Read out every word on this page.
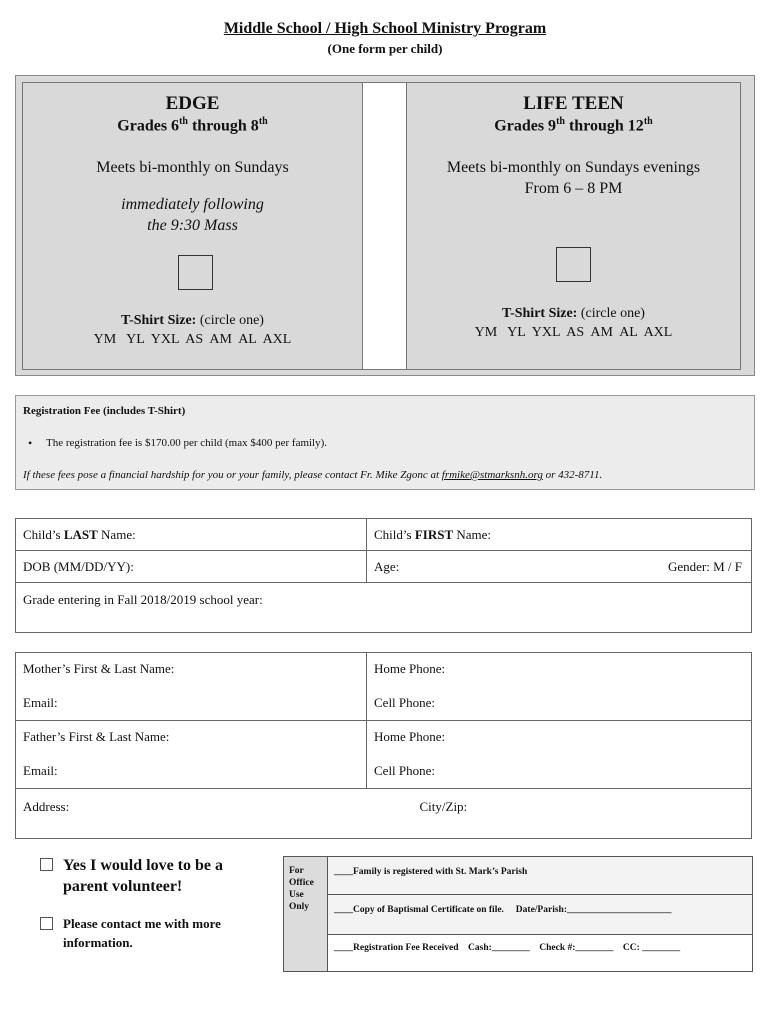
Middle School / High School Ministry Program
(One form per child)
EDGE
Grades 6th through 8th
Meets bi-monthly on Sundays
immediately following
the 9:30 Mass
T-Shirt Size: (circle one)
YM   YL  YXL  AS  AM  AL  AXL
LIFE TEEN
Grades 9th through 12th
Meets bi-monthly on Sundays evenings
From 6 – 8 PM
T-Shirt Size: (circle one)
YM   YL  YXL  AS  AM  AL  AXL
Registration Fee (includes T-Shirt)
• The registration fee is $170.00 per child (max $400 per family).
If these fees pose a financial hardship for you or your family, please contact Fr. Mike Zgonc at frmike@stmarksnh.org or 432-8711.
Child’s LAST Name:	Child’s FIRST Name:
DOB (MM/DD/YY):	Age: Gender: M / F

Grade entering in Fall 2018/2019 school year:	
Mother’s First & Last Name:	Home Phone:
Email:	Cell Phone:
Father’s First & Last Name:	Home Phone:
Email:	Cell Phone:
Address: City/Zip:	
Yes I would love to be a
parent volunteer!
Please contact me with more
information.
For
Office
Use
Only
____Family is registered with St. Mark’s Parish
____Copy of Baptismal Certificate on file.     Date/Parish:______________________
____Registration Fee Received    Cash:________    Check #:________    CC: ________
